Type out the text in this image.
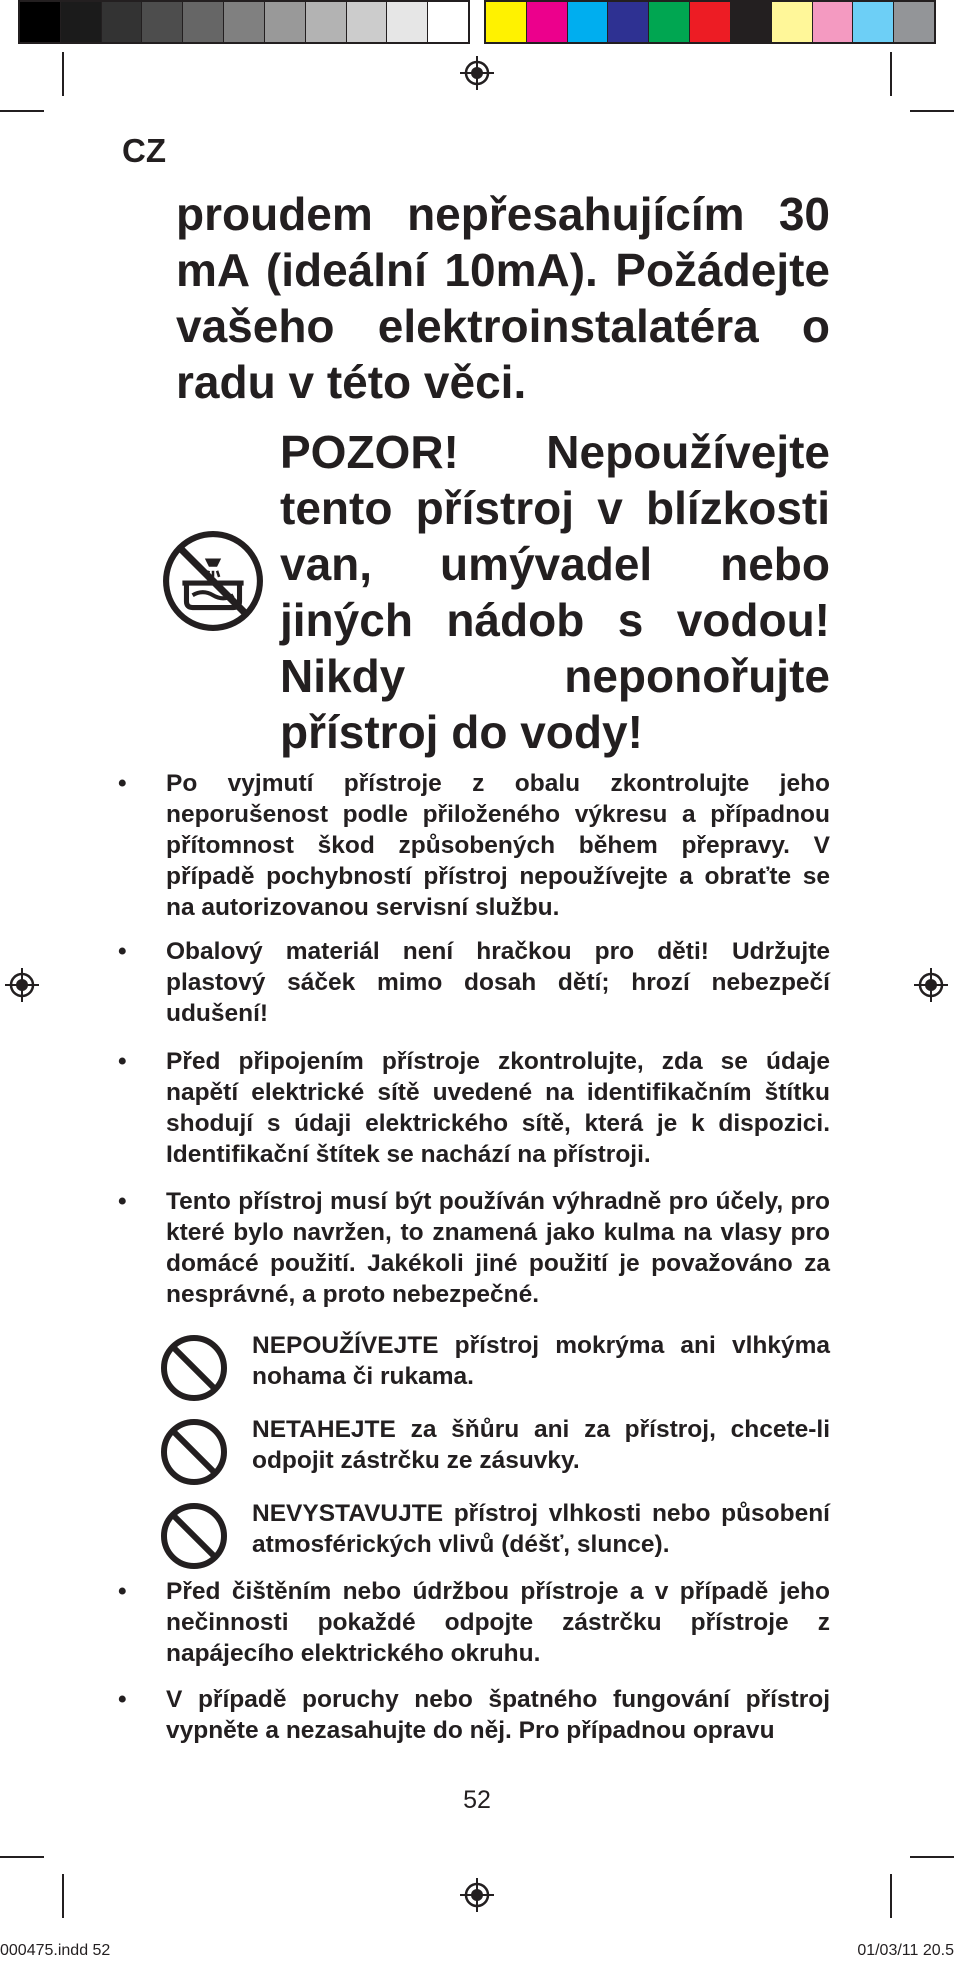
CZ
proudem nepřesahujícím 30 mA (ideální 10mA). Požádejte vašeho elektroinstalatéra o radu v této věci.
POZOR! Nepoužívejte tento přístroj v blízkosti van, umývadel nebo jiných nádob s vodou! Nikdy neponořujte přístroj do vody!
• Po vyjmutí přístroje z obalu zkontrolujte jeho neporušenost podle přiloženého výkresu a případnou přítomnost škod způsobených během přepravy. V případě pochybností přístroj nepoužívejte a obraťte se na autorizovanou servisní službu.
• Obalový materiál není hračkou pro děti! Udržujte plastový sáček mimo dosah dětí; hrozí nebezpečí udušení!
• Před připojením přístroje zkontrolujte, zda se údaje napětí elektrické sítě uvedené na identifikačním štítku shodují s údaji elektrického sítě, která je k dispozici. Identifikační štítek se nachází na přístroji.
• Tento přístroj musí být používán výhradně pro účely, pro které bylo navržen, to znamená jako kulma na vlasy pro domácé použití. Jakékoli jiné použití je považováno za nesprávné, a proto nebezpečné.
NEPOUŽÍVEJTE přístroj mokrýma ani vlhkýma nohama či rukama.
NETAHEJTE za šňůru ani za přístroj, chcete-li odpojit zástrčku ze zásuvky.
NEVYSTAVUJTE přístroj vlhkosti nebo působení atmosférických vlivů (déšť, slunce).
• Před čištěním nebo údržbou přístroje a v případě jeho nečinnosti pokaždé odpojte zástrčku přístroje z napájecího elektrického okruhu.
• V případě poruchy nebo špatného fungování přístroj vypněte a nezasahujte do něj. Pro případnou opravu
52
000475.indd 52	01/03/11 20.5
